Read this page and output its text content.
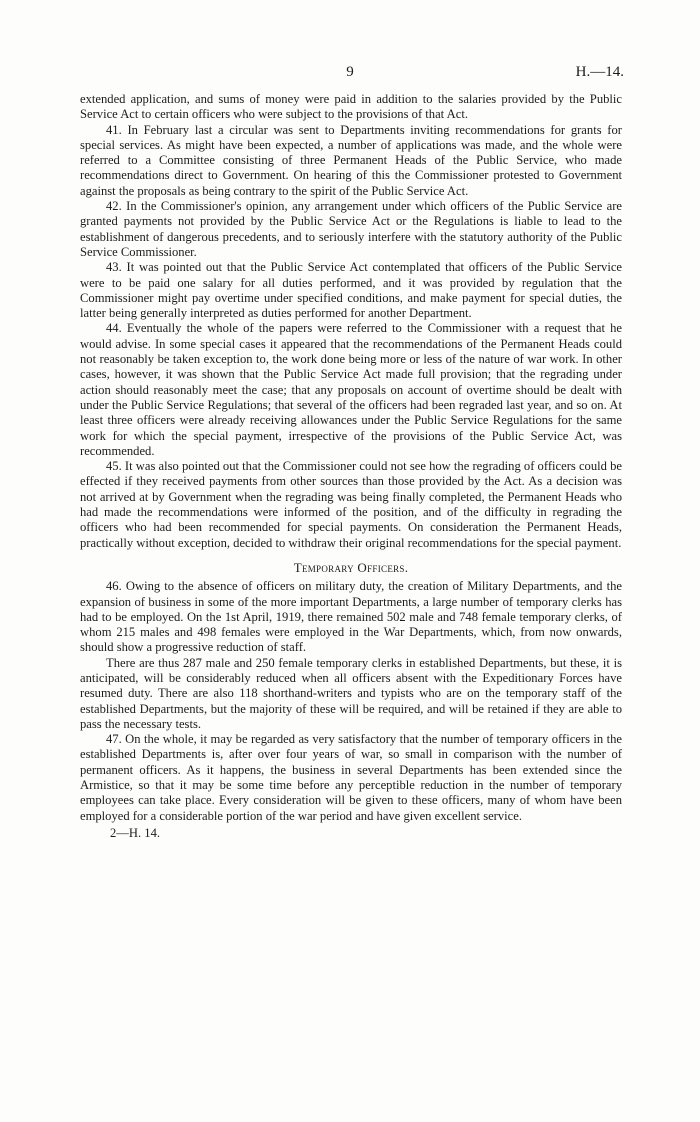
9	H.—14.

extended application, and sums of money were paid in addition to the salaries provided by the Public Service Act to certain officers who were subject to the provisions of that Act.

41. In February last a circular was sent to Departments inviting recommendations for grants for special services. As might have been expected, a number of applications was made, and the whole were referred to a Committee consisting of three Permanent Heads of the Public Service, who made recommendations direct to Government. On hearing of this the Commissioner protested to Government against the proposals as being contrary to the spirit of the Public Service Act.

42. In the Commissioner's opinion, any arrangement under which officers of the Public Service are granted payments not provided by the Public Service Act or the Regulations is liable to lead to the establishment of dangerous precedents, and to seriously interfere with the statutory authority of the Public Service Commissioner.

43. It was pointed out that the Public Service Act contemplated that officers of the Public Service were to be paid one salary for all duties performed, and it was provided by regulation that the Commissioner might pay overtime under specified conditions, and make payment for special duties, the latter being generally interpreted as duties performed for another Department.

44. Eventually the whole of the papers were referred to the Commissioner with a request that he would advise. In some special cases it appeared that the recommendations of the Permanent Heads could not reasonably be taken exception to, the work done being more or less of the nature of war work. In other cases, however, it was shown that the Public Service Act made full provision; that the regrading under action should reasonably meet the case; that any proposals on account of overtime should be dealt with under the Public Service Regulations; that several of the officers had been regraded last year, and so on. At least three officers were already receiving allowances under the Public Service Regulations for the same work for which the special payment, irrespective of the provisions of the Public Service Act, was recommended.

45. It was also pointed out that the Commissioner could not see how the regrading of officers could be effected if they received payments from other sources than those provided by the Act. As a decision was not arrived at by Government when the regrading was being finally completed, the Permanent Heads who had made the recommendations were informed of the position, and of the difficulty in regrading the officers who had been recommended for special payments. On consideration the Permanent Heads, practically without exception, decided to withdraw their original recommendations for the special payment.

Temporary Officers.

46. Owing to the absence of officers on military duty, the creation of Military Departments, and the expansion of business in some of the more important Departments, a large number of temporary clerks has had to be employed. On the 1st April, 1919, there remained 502 male and 748 female temporary clerks, of whom 215 males and 498 females were employed in the War Departments, which, from now onwards, should show a progressive reduction of staff.

There are thus 287 male and 250 female temporary clerks in established Departments, but these, it is anticipated, will be considerably reduced when all officers absent with the Expeditionary Forces have resumed duty. There are also 118 shorthand-writers and typists who are on the temporary staff of the established Departments, but the majority of these will be required, and will be retained if they are able to pass the necessary tests.

47. On the whole, it may be regarded as very satisfactory that the number of temporary officers in the established Departments is, after over four years of war, so small in comparison with the number of permanent officers. As it happens, the business in several Departments has been extended since the Armistice, so that it may be some time before any perceptible reduction in the number of temporary employees can take place. Every consideration will be given to these officers, many of whom have been employed for a considerable portion of the war period and have given excellent service.

2—H. 14.
